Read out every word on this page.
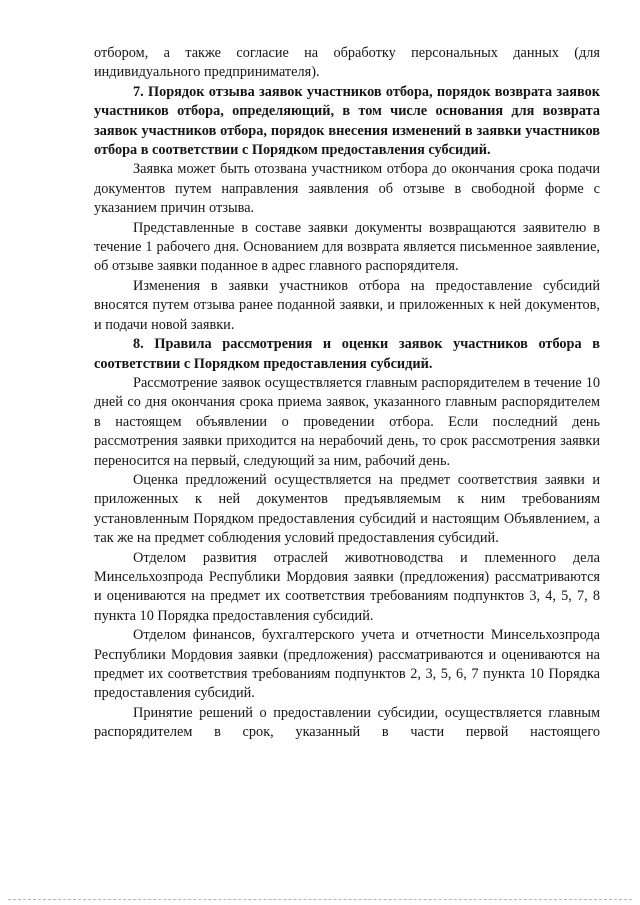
отбором, а также согласие на обработку персональных данных (для индивидуального предпринимателя).

7. Порядок отзыва заявок участников отбора, порядок возврата заявок участников отбора, определяющий, в том числе основания для возврата заявок участников отбора, порядок внесения изменений в заявки участников отбора в соответствии с Порядком предоставления субсидий.

Заявка может быть отозвана участником отбора до окончания срока подачи документов путем направления заявления об отзыве в свободной форме с указанием причин отзыва.

Представленные в составе заявки документы возвращаются заявителю в течение 1 рабочего дня. Основанием для возврата является письменное заявление, об отзыве заявки поданное в адрес главного распорядителя.

Изменения в заявки участников отбора на предоставление субсидий вносятся путем отзыва ранее поданной заявки, и приложенных к ней документов, и подачи новой заявки.

8. Правила рассмотрения и оценки заявок участников отбора в соответствии с Порядком предоставления субсидий.

Рассмотрение заявок осуществляется главным распорядителем в течение 10 дней со дня окончания срока приема заявок, указанного главным распорядителем в настоящем объявлении о проведении отбора. Если последний день рассмотрения заявки приходится на нерабочий день, то срок рассмотрения заявки переносится на первый, следующий за ним, рабочий день.

Оценка предложений осуществляется на предмет соответствия заявки и приложенных к ней документов предъявляемым к ним требованиям установленным Порядком предоставления субсидий и настоящим Объявлением, а так же на предмет соблюдения условий предоставления субсидий.

Отделом развития отраслей животноводства и племенного дела Минсельхозпрода Республики Мордовия заявки (предложения) рассматриваются и оцениваются на предмет их соответствия требованиям подпунктов 3, 4, 5, 7, 8 пункта 10 Порядка предоставления субсидий.

Отделом финансов, бухгалтерского учета и отчетности Минсельхозпрода Республики Мордовия заявки (предложения) рассматриваются и оцениваются на предмет их соответствия требованиям подпунктов 2, 3, 5, 6, 7 пункта 10 Порядка предоставления субсидий.

Принятие решений о предоставлении субсидии, осуществляется главным распорядителем в срок, указанный в части первой настоящего
